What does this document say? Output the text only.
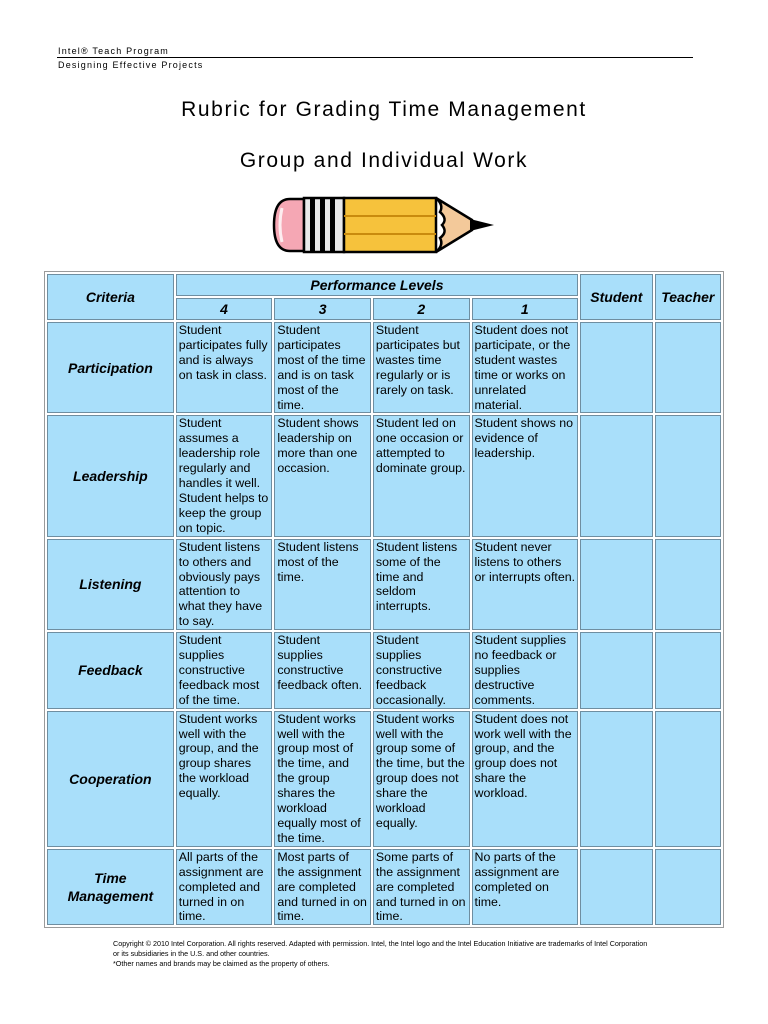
Intel® Teach Program
Designing Effective Projects
Rubric for Grading Time Management
Group and Individual Work
Criteria	Performance Levels				Student	Teacher
	4	3	2	1		
Participation	Student participates fully and is always on task in class.	Student participates most of the time and is on task most of the time.	Student participates but wastes time regularly or is rarely on task.	Student does not participate, or the student wastes time or works on unrelated material.		
Leadership	Student assumes a leadership role regularly and handles it well. Student helps to keep the group on topic.	Student shows leadership on more than one occasion.	Student led on one occasion or attempted to dominate group.	Student shows no evidence of leadership.		
Listening	Student listens to others and obviously pays attention to what they have to say.	Student listens most of the time.	Student listens some of the time and seldom interrupts.	Student never listens to others or interrupts often.		
Feedback	Student supplies constructive feedback most of the time.	Student supplies constructive feedback often.	Student supplies constructive feedback occasionally.	Student supplies no feedback or supplies destructive comments.		
Cooperation	Student works well with the group, and the group shares the workload equally.	Student works well with the group most of the time, and the group shares the workload equally most of the time.	Student works well with the group some of the time, but the group does not share the workload equally.	Student does not work well with the group, and the group does not share the workload.		
Time Management	All parts of the assignment are completed and turned in on time.	Most parts of the assignment are completed and turned in on time.	Some parts of the assignment are completed and turned in on time.	No parts of the assignment are completed on time.		
Copyright © 2010 Intel Corporation. All rights reserved. Adapted with permission. Intel, the Intel logo and the Intel Education Initiative are trademarks of Intel Corporation
or its subsidiaries in the U.S. and other countries.
*Other names and brands may be claimed as the property of others.
